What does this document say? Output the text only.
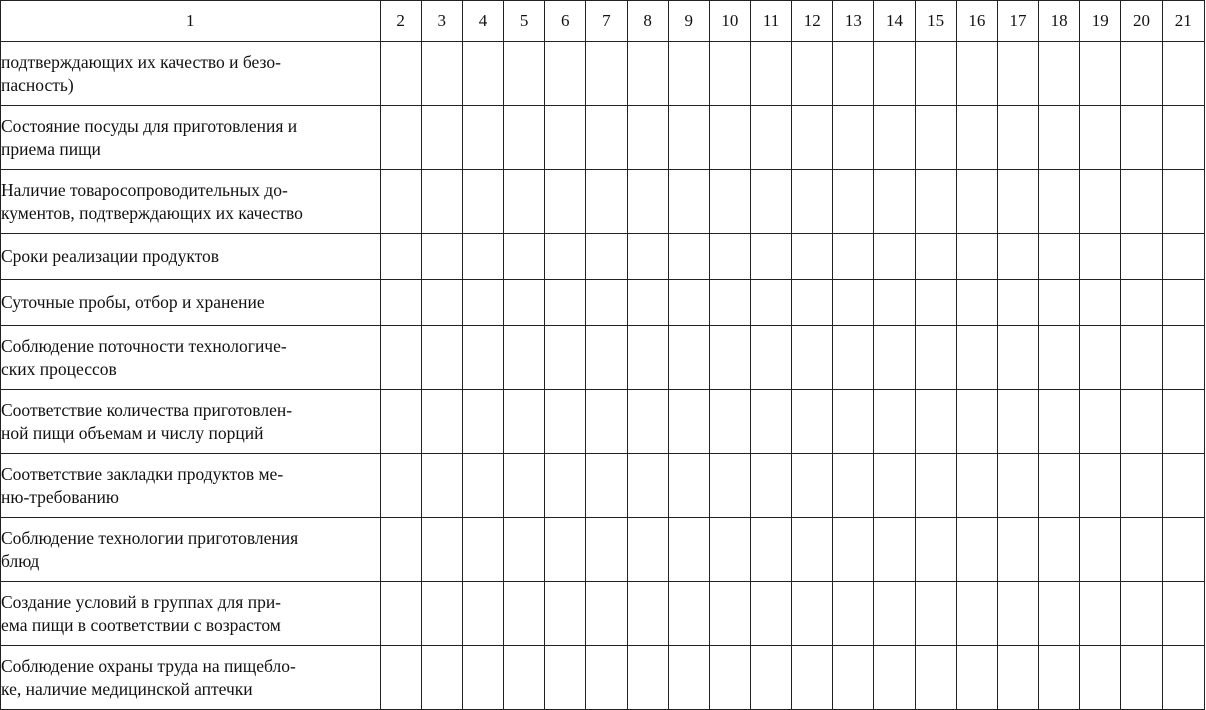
1	2	3	4	5	6	7	8	9	10	11	12	13	14	15	16	17	18	19	20	21

подтверждающих их качество и безо-
пасность)																				

Состояние посуды для приготовления и
приема пищи																				

Наличие товаросопроводительных до-
кументов, подтверждающих их качество																				

Сроки реализации продуктов																				

Суточные пробы, отбор и хранение																				

Соблюдение поточности технологиче-
ских процессов																				

Соответствие количества приготовлен-
ной пищи объемам и числу порций																				

Соответствие закладки продуктов ме-
ню-требованию																				

Соблюдение технологии приготовления
блюд																				

Создание условий в группах для при-
ема пищи в соответствии с возрастом																				

Соблюдение охраны труда на пищебло-
ке, наличие медицинской аптечки																				
